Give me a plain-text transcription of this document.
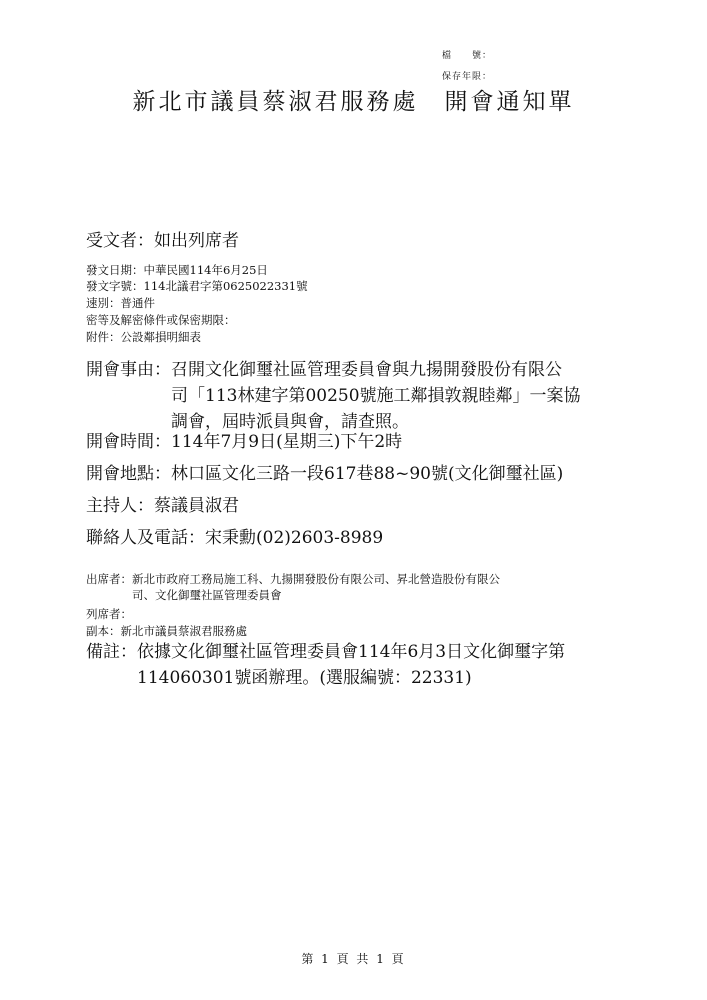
檔　　號：
保存年限：
新北市議員蔡淑君服務處　開會通知單
受文者：如出列席者
發文日期：中華民國114年6月25日
發文字號：114北議君字第0625022331號
速別：普通件
密等及解密條件或保密期限：
附件：公設鄰損明細表
開會事由： 召開文化御璽社區管理委員會與九揚開發股份有限公
司「113林建字第00250號施工鄰損敦親睦鄰」一案協
調會，屆時派員與會，請查照。
開會時間： 114年7月9日(星期三)下午2時
開會地點： 林口區文化三路一段617巷88~90號(文化御璽社區)
主持人： 蔡議員淑君
聯絡人及電話： 宋秉勳(02)2603-8989
出席者： 新北市政府工務局施工科、九揚開發股份有限公司、昇北營造股份有限公
司、文化御璽社區管理委員會
列席者：
副本：新北市議員蔡淑君服務處
備註： 依據文化御璽社區管理委員會114年6月3日文化御璽字第
114060301號函辦理。(選服編號：22331)
第 1 頁 共 1 頁
